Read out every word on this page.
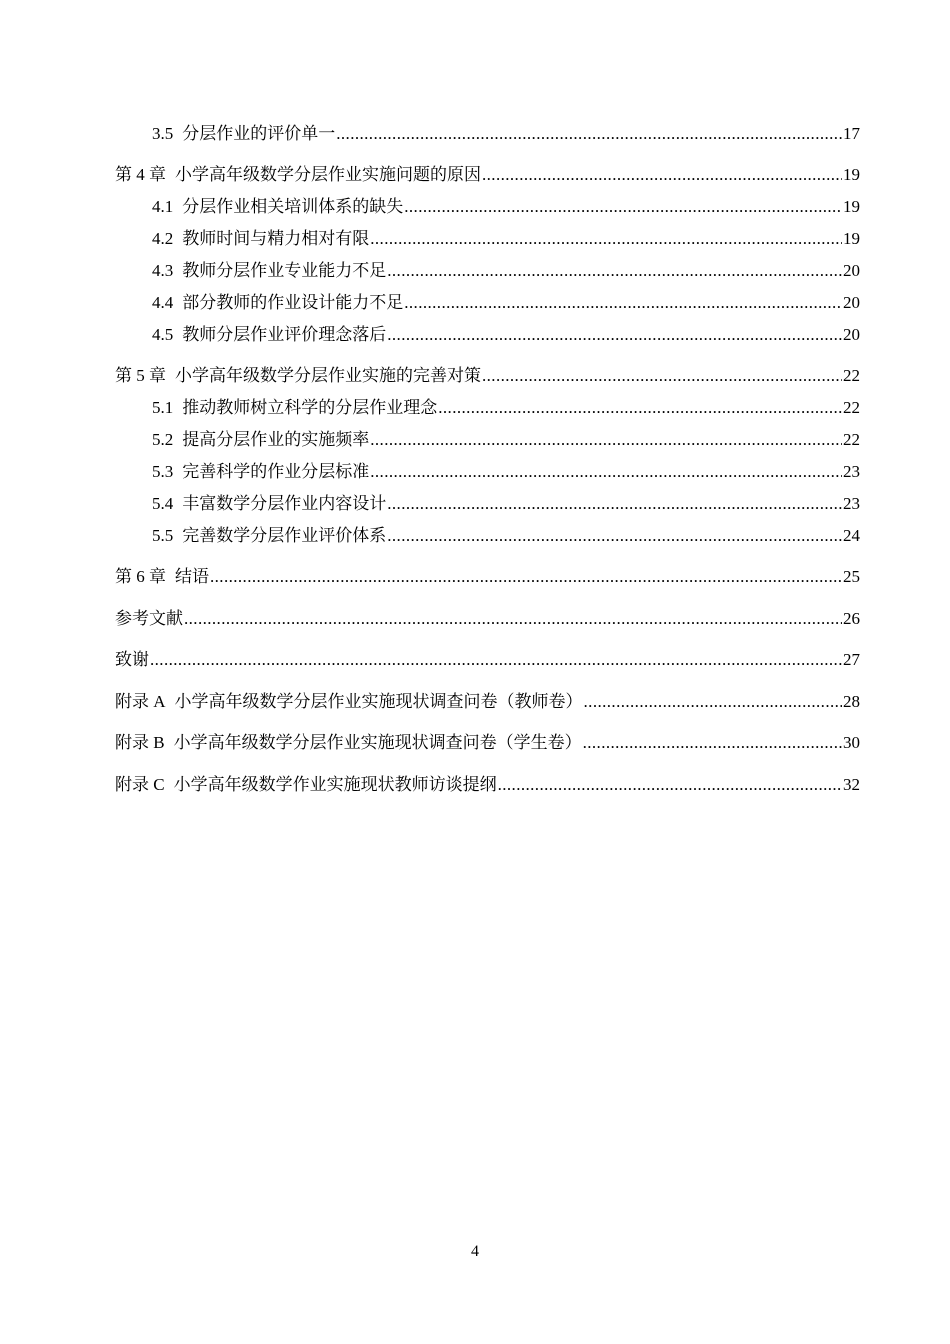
3.5 分层作业的评价单一 .....	17
第 4 章 小学高年级数学分层作业实施问题的原因 .....	19
4.1 分层作业相关培训体系的缺失 .....	19
4.2 教师时间与精力相对有限 .....	19
4.3 教师分层作业专业能力不足 .....	20
4.4 部分教师的作业设计能力不足 .....	20
4.5 教师分层作业评价理念落后 .....	20
第 5 章 小学高年级数学分层作业实施的完善对策 .....	22
5.1 推动教师树立科学的分层作业理念 .....	22
5.2 提高分层作业的实施频率 .....	22
5.3 完善科学的作业分层标准 .....	23
5.4 丰富数学分层作业内容设计 .....	23
5.5 完善数学分层作业评价体系 .....	24
第 6 章 结语 .....	25
参考文献 .....	26
致谢 .....	27
附录 A 小学高年级数学分层作业实施现状调查问卷（教师卷） .....	28
附录 B 小学高年级数学分层作业实施现状调查问卷（学生卷） .....	30
附录 C 小学高年级数学作业实施现状教师访谈提纲 .....	32
4
